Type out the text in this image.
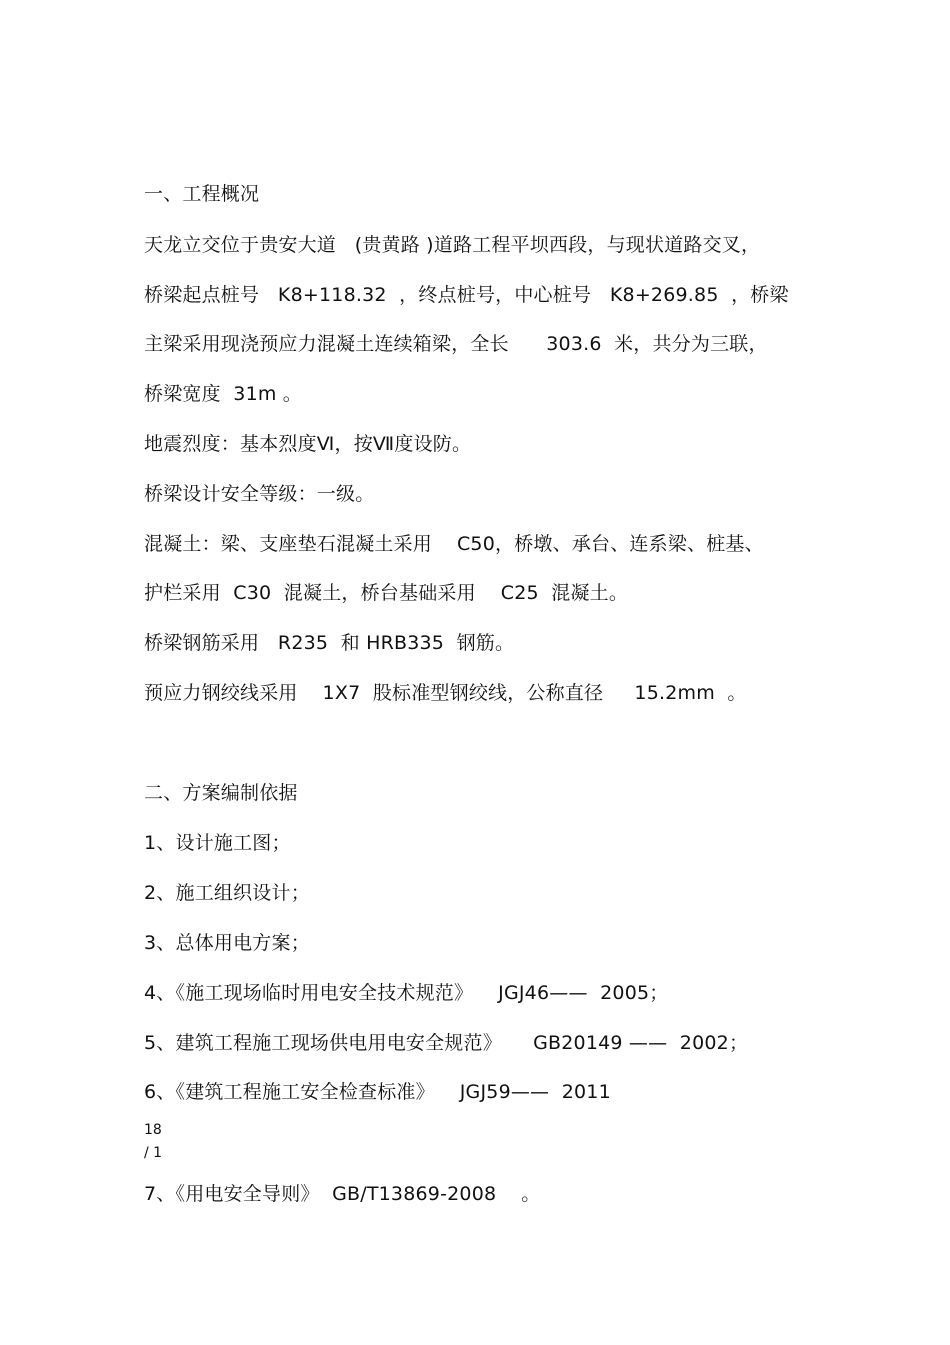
一、工程概况
天龙立交位于贵安大道   (贵黄路 )道路工程平坝西段，与现状道路交叉，
桥梁起点桩号   K8+118.32  ，终点桩号，中心桩号   K8+269.85  ，桥梁
主梁采用现浇预应力混凝土连续箱梁，全长      303.6  米，共分为三联，
桥梁宽度  31m 。
地震烈度：基本烈度Ⅵ，按Ⅶ度设防。
桥梁设计安全等级：一级。
混凝土：梁、支座垫石混凝土采用    C50，桥墩、承台、连系梁、桩基、
护栏采用  C30  混凝土，桥台基础采用    C25  混凝土。
桥梁钢筋采用   R235  和 HRB335  钢筋。
预应力钢绞线采用    1X7  股标准型钢绞线，公称直径     15.2mm  。
二、方案编制依据
1、设计施工图；
2、施工组织设计；
3、总体用电方案；
4、《施工现场临时用电安全技术规范》    JGJ46——  2005；
5、建筑工程施工现场供电用电安全规范》     GB20149 ——  2002；
6、《建筑工程施工安全检查标准》    JGJ59——  2011
18
/ 1
7、《用电安全导则》  GB/T13869-2008    。
